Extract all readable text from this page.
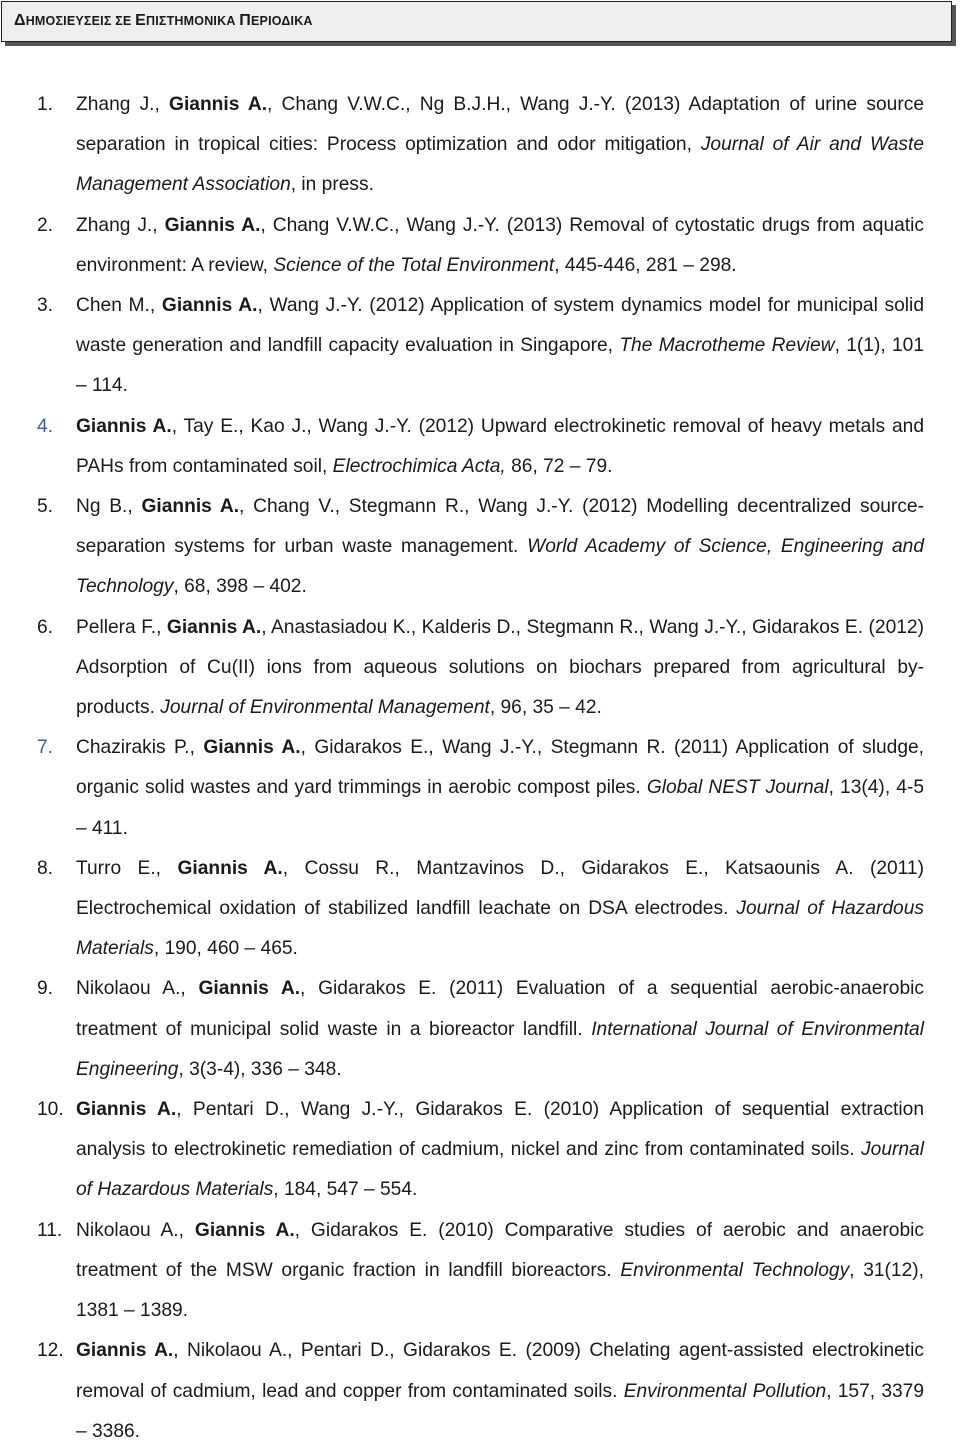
ΔΗΜΟΣΙΕΥΣΕΙΣ ΣΕ ΕΠΙΣΤΗΜΟΝΙΚΑ ΠΕΡΙΟΔΙΚΑ
1. Zhang J., Giannis A., Chang V.W.C., Ng B.J.H., Wang J.-Y. (2013) Adaptation of urine source separation in tropical cities: Process optimization and odor mitigation, Journal of Air and Waste Management Association, in press.
2. Zhang J., Giannis A., Chang V.W.C., Wang J.-Y. (2013) Removal of cytostatic drugs from aquatic environment: A review, Science of the Total Environment, 445-446, 281 – 298.
3. Chen M., Giannis A., Wang J.-Y. (2012) Application of system dynamics model for municipal solid waste generation and landfill capacity evaluation in Singapore, The Macrotheme Review, 1(1), 101 – 114.
4. Giannis A., Tay E., Kao J., Wang J.-Y. (2012) Upward electrokinetic removal of heavy metals and PAHs from contaminated soil, Electrochimica Acta, 86, 72 – 79.
5. Ng B., Giannis A., Chang V., Stegmann R., Wang J.-Y. (2012) Modelling decentralized source-separation systems for urban waste management. World Academy of Science, Engineering and Technology, 68, 398 – 402.
6. Pellera F., Giannis A., Anastasiadou K., Kalderis D., Stegmann R., Wang J.-Y., Gidarakos E. (2012) Adsorption of Cu(II) ions from aqueous solutions on biochars prepared from agricultural by-products. Journal of Environmental Management, 96, 35 – 42.
7. Chazirakis P., Giannis A., Gidarakos E., Wang J.-Y., Stegmann R. (2011) Application of sludge, organic solid wastes and yard trimmings in aerobic compost piles. Global NEST Journal, 13(4), 4-5 – 411.
8. Turro E., Giannis A., Cossu R., Mantzavinos D., Gidarakos E., Katsaounis A. (2011) Electrochemical oxidation of stabilized landfill leachate on DSA electrodes. Journal of Hazardous Materials, 190, 460 – 465.
9. Nikolaou A., Giannis A., Gidarakos E. (2011) Evaluation of a sequential aerobic-anaerobic treatment of municipal solid waste in a bioreactor landfill. International Journal of Environmental Engineering, 3(3-4), 336 – 348.
10. Giannis A., Pentari D., Wang J.-Y., Gidarakos E. (2010) Application of sequential extraction analysis to electrokinetic remediation of cadmium, nickel and zinc from contaminated soils. Journal of Hazardous Materials, 184, 547 – 554.
11. Nikolaou A., Giannis A., Gidarakos E. (2010) Comparative studies of aerobic and anaerobic treatment of the MSW organic fraction in landfill bioreactors. Environmental Technology, 31(12), 1381 – 1389.
12. Giannis A., Nikolaou A., Pentari D., Gidarakos E. (2009) Chelating agent-assisted electrokinetic removal of cadmium, lead and copper from contaminated soils. Environmental Pollution, 157, 3379 – 3386.
